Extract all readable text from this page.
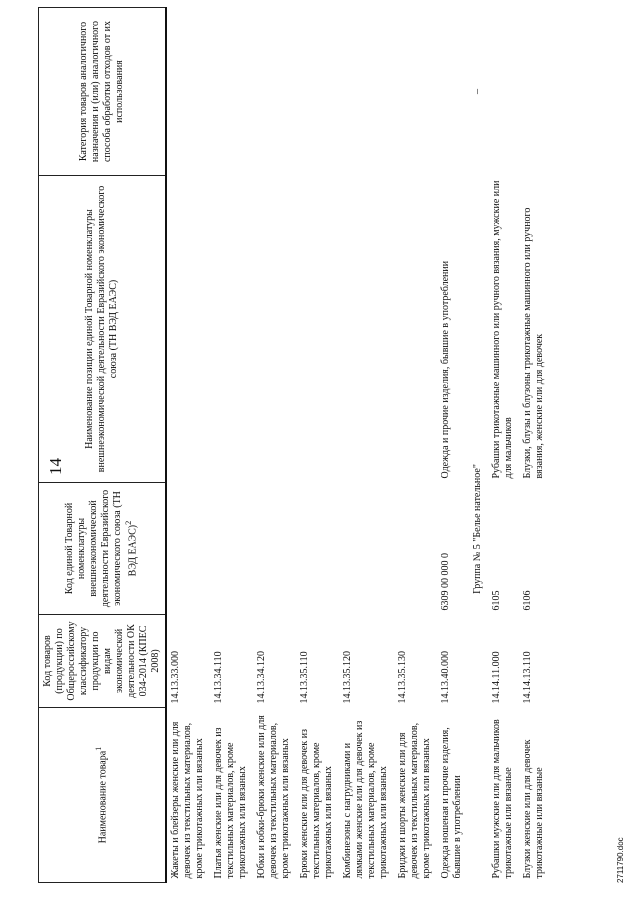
14
Наименование товара$^1$	Код товаров (продукции) по Общероссийскому классификатору продукции по видам экономической деятельности ОК 034-2014 (КПЕС 2008)	Код единой Товарной номенклатуры внешнеэкономической деятельности Евразийского экономического союза (ТН ВЭД ЕАЭС)$^2$	Наименование позиции единой Товарной номенклатуры внешнеэкономической деятельности Евразийского экономического союза (ТН ВЭД ЕАЭС)	Категория товаров аналогичного назначения и (или) аналогичного способа обработки отходов от их использования
Жакеты и блейзеры женские или для девочек из текстильных материалов, кроме трикотажных или вязаных	14.13.33.000			
Платья женские или для девочек из текстильных материалов, кроме трикотажных или вязаных	14.13.34.110			
Юбки и юбки-брюки женские или для девочек из текстильных материалов, кроме трикотажных или вязаных	14.13.34.120			
Брюки женские или для девочек из текстильных материалов, кроме трикотажных или вязаных	14.13.35.110			
Комбинезоны с нагрудниками и лямками женские или для девочек из текстильных материалов, кроме трикотажных или вязаных	14.13.35.120			
Бриджи и шорты женские или для девочек из текстильных материалов, кроме трикотажных или вязаных	14.13.35.130			
Одежда ношеная и прочие изделия, бывшие в употреблении	14.13.40.000	6309 00 000 0	Одежда и прочие изделия, бывшие в употреблении	
Группа № 5 "Белье нательное"				–
Рубашки мужские или для мальчиков трикотажные или вязаные	14.14.11.000	6105	Рубашки трикотажные машинного или ручного вязания, мужские или для мальчиков	
Блузки женские или для девочек трикотажные или вязаные	14.14.13.110	6106	Блузки, блузы и блузоны трикотажные машинного или ручного вязания, женские или для девочек	
2711790.doc
